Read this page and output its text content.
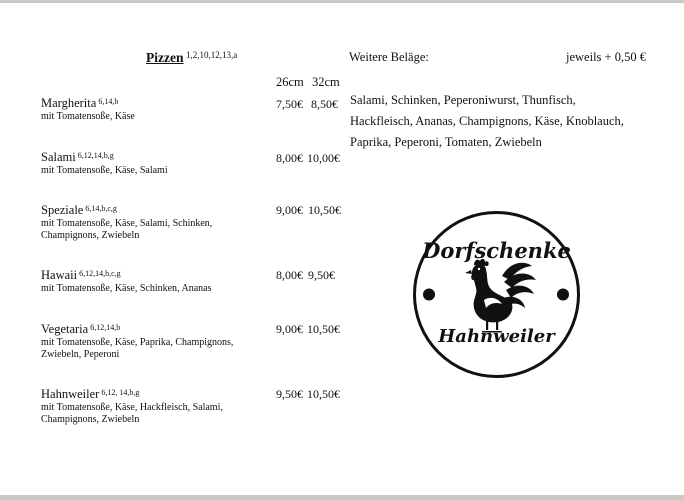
Pizzen 1,2,10,12,13,a
26cm 32cm
Margherita $^{6,14,b}$
mit Tomatensoße, Käse
7,50€ 8,50€
Salami $^{6,12,14,b,g}$
mit Tomatensoße, Käse, Salami
8,00€ 10,00€
Speziale $^{6,14,b,c,g}$
mit Tomatensoße, Käse, Salami, Schinken, Champignons, Zwiebeln
9,00€ 10,50€
Hawaii $^{6,12,14,b,c,g}$
mit Tomatensoße, Käse, Schinken, Ananas
8,00€ 9,50€
Vegetaria $^{6,12,14,b}$
mit Tomatensoße, Käse, Paprika, Champignons, Zwiebeln, Peperoni
9,00€ 10,50€
Hahnweiler $^{6,12, 14,b,g}$
mit Tomatensoße, Käse, Hackfleisch, Salami, Champignons, Zwiebeln
9,50€ 10,50€
Weitere Beläge:	jeweils + 0,50 €
Salami, Schinken, Peperoniwurst, Thunfisch,
Hackfleisch, Ananas, Champignons, Käse, Knoblauch,
Paprika, Peperoni, Tomaten, Zwiebeln
Dorfschenke
Hahnweiler
